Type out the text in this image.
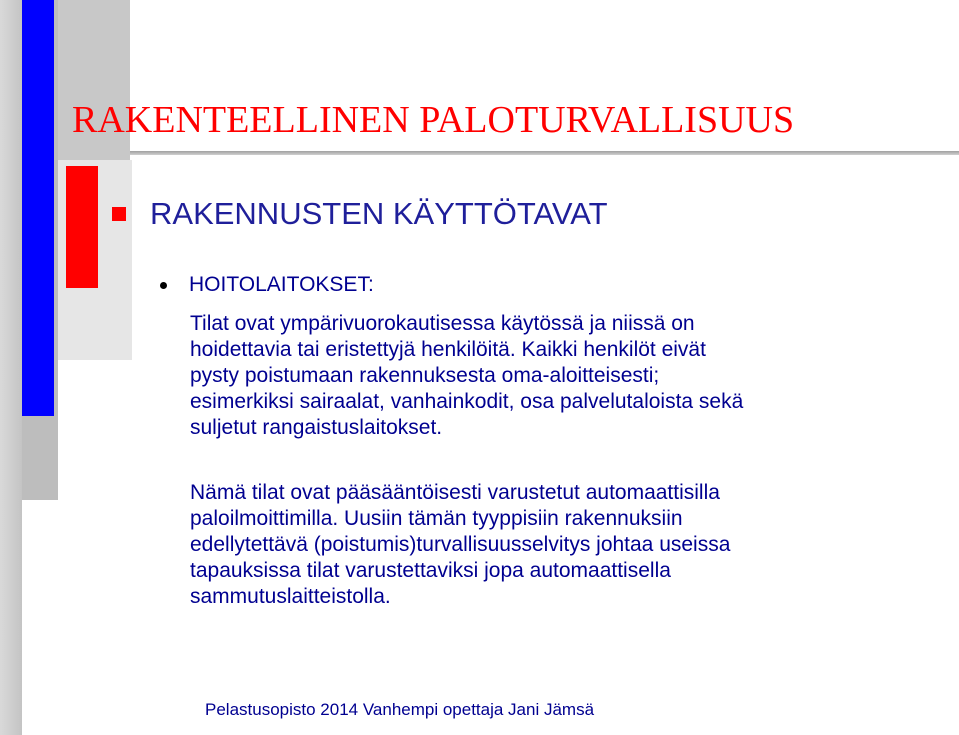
RAKENTEELLINEN PALOTURVALLISUUS
RAKENNUSTEN KÄYTTÖTAVAT
HOITOLAITOKSET:

Tilat ovat ympärivuorokautisessa käytössä ja niissä on
hoidettavia tai eristettyjä henkilöitä. Kaikki henkilöt eivät
pysty poistumaan rakennuksesta oma-aloitteisesti;
esimerkiksi sairaalat, vanhainkodit, osa palvelutaloista sekä
suljetut rangaistuslaitokset.

Nämä tilat ovat pääsääntöisesti varustetut automaattisilla
paloilmoittimilla. Uusiin tämän tyyppisiin rakennuksiin
edellytettävä (poistumis)turvallisuusselvitys johtaa useissa
tapauksissa tilat varustettaviksi jopa automaattisella
sammutuslaitteistolla.

Pelastusopisto 2014 Vanhempi opettaja Jani Jämsä
